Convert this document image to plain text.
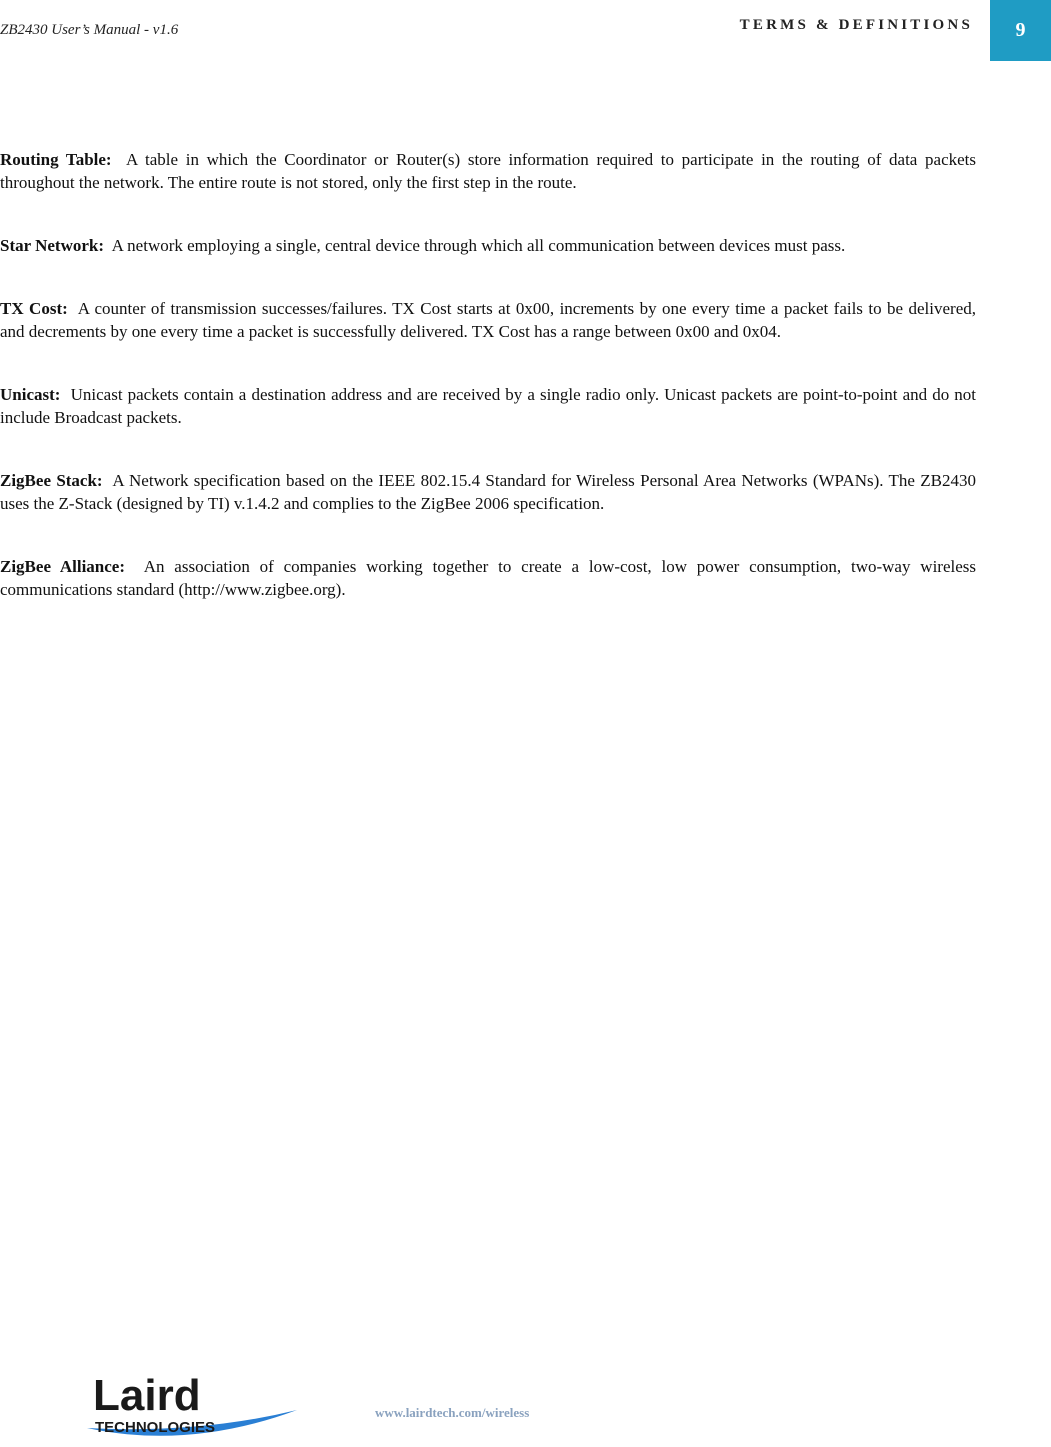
ZB2430 User’s Manual - v1.6	TERMS & DEFINITIONS 9

Routing Table: A table in which the Coordinator or Router(s) store information required to participate in the routing of data packets throughout the network. The entire route is not stored, only the first step in the route.

Star Network: A network employing a single, central device through which all communication between devices must pass.

TX Cost: A counter of transmission successes/failures. TX Cost starts at 0x00, increments by one every time a packet fails to be delivered, and decrements by one every time a packet is successfully delivered. TX Cost has a range between 0x00 and 0x04.

Unicast: Unicast packets contain a destination address and are received by a single radio only. Unicast packets are point-to-point and do not include Broadcast packets.

ZigBee Stack: A Network specification based on the IEEE 802.15.4 Standard for Wireless Personal Area Networks (WPANs). The ZB2430 uses the Z-Stack (designed by TI) v.1.4.2 and complies to the ZigBee 2006 specification.

ZigBee Alliance: An association of companies working together to create a low-cost, low power consumption, two-way wireless communications standard (http://www.zigbee.org).

Laird
TECHNOLOGIES
www.lairdtech.com/wireless
